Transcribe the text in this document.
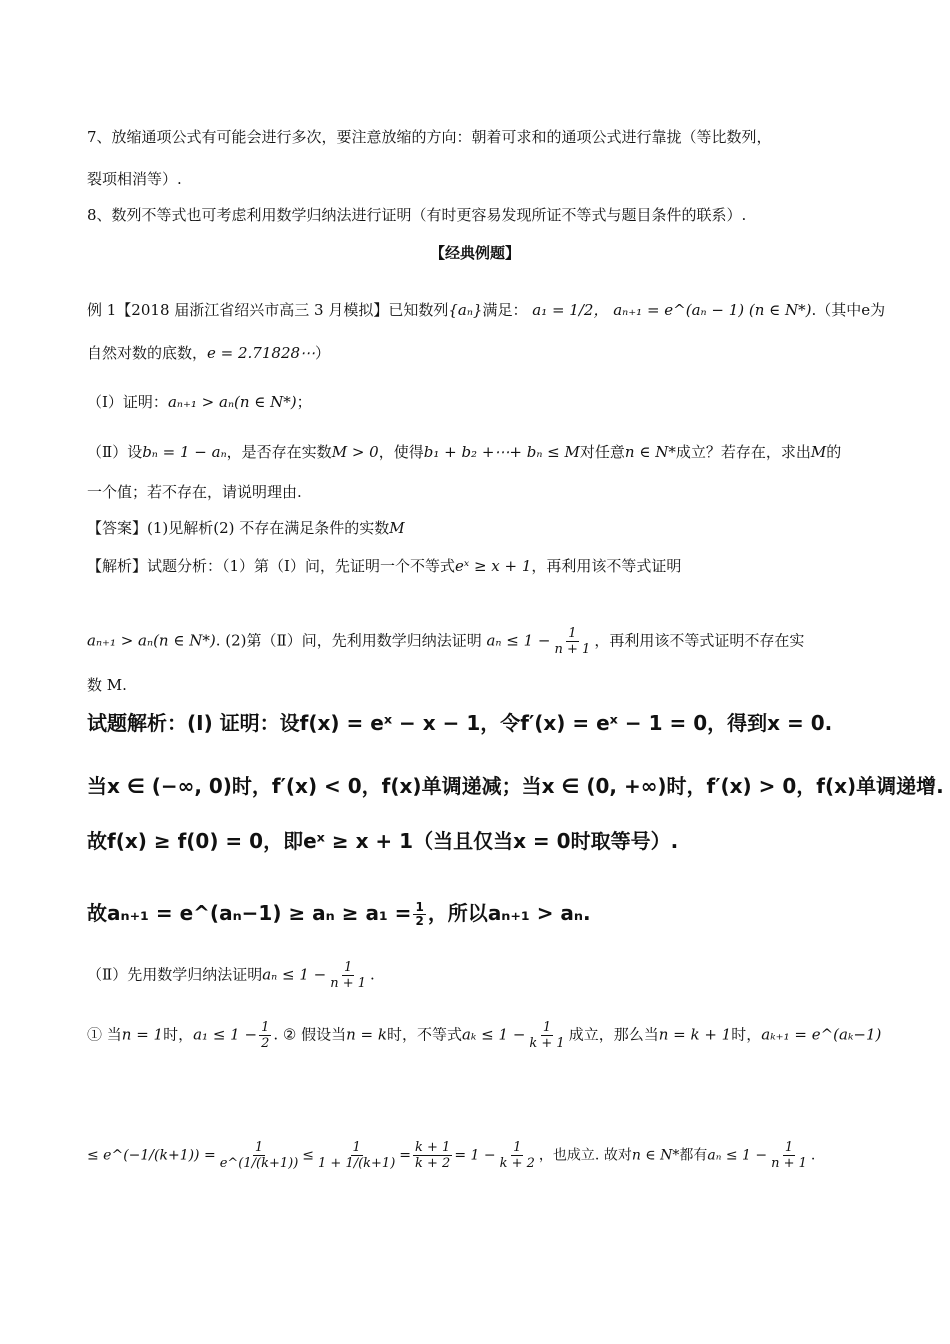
7、放缩通项公式有可能会进行多次，要注意放缩的方向：朝着可求和的通项公式进行靠拢（等比数列，
裂项相消等）.
8、数列不等式也可考虑利用数学归纳法进行证明（有时更容易发现所证不等式与题目条件的联系）.
【经典例题】
例 1【2018 届浙江省绍兴市高三 3 月模拟】已知数列{aₙ}满足： a₁ = 1/2， aₙ₊₁ = e^(aₙ − 1) (n ∈ N*).（其中e为
自然对数的底数，e = 2.71828⋯）
（Ⅰ）证明：aₙ₊₁ > aₙ(n ∈ N*)；
（Ⅱ）设bₙ = 1 − aₙ，是否存在实数M > 0，使得b₁ + b₂ +⋯+ bₙ ≤ M对任意n ∈ N*成立？若存在，求出M的
一个值；若不存在，请说明理由.
【答案】(1)见解析(2) 不存在满足条件的实数M
【解析】试题分析：（1）第（Ⅰ）问，先证明一个不等式eˣ ≥ x + 1，再利用该不等式证明
aₙ₊₁ > aₙ(n ∈ N*). (2)第（Ⅱ）问，先利用数学归纳法证明 $a_n \le 1 - \frac{1}{n + 1}$ ，再利用该不等式证明不存在实
数 M.
试题解析：(Ⅰ) 证明：设f(x) = eˣ − x − 1，令f′(x) = eˣ − 1 = 0，得到x = 0.
当x ∈ (−∞, 0)时，f′(x) < 0，f(x)单调递减；当x ∈ (0, +∞)时，f′(x) > 0，f(x)单调递增.
故f(x) ≥ f(0) = 0，即eˣ ≥ x + 1（当且仅当x = 0时取等号）.
故aₙ₊₁ = e^(aₙ−1) ≥ $a_n \ge a_1 = \frac{1}{2}$ ，所以aₙ₊₁ > aₙ.
（Ⅱ）先用数学归纳法证明$a_n \le 1 - \frac{1}{n + 1}$ .
① 当n = 1时，$a_1 \le 1 - \frac{1}{2}$ . ② 假设当n = k时，不等式$a_k \le 1 - \frac{1}{k + 1}$ 成立，那么当n = k + 1时，aₖ₊₁ = e^(aₖ−1)
≤ e^(−1/(k+1)) = $\frac{1}{e\^{}(1/(k+1))} \le \frac{1}{1 + 1/(k+1)} = \frac{k + 1}{k + 2} = 1 - \frac{1}{k + 2}$ ，也成立. 故对n ∈ N*都有$a_n \le 1 - \frac{1}{n + 1}$ .
